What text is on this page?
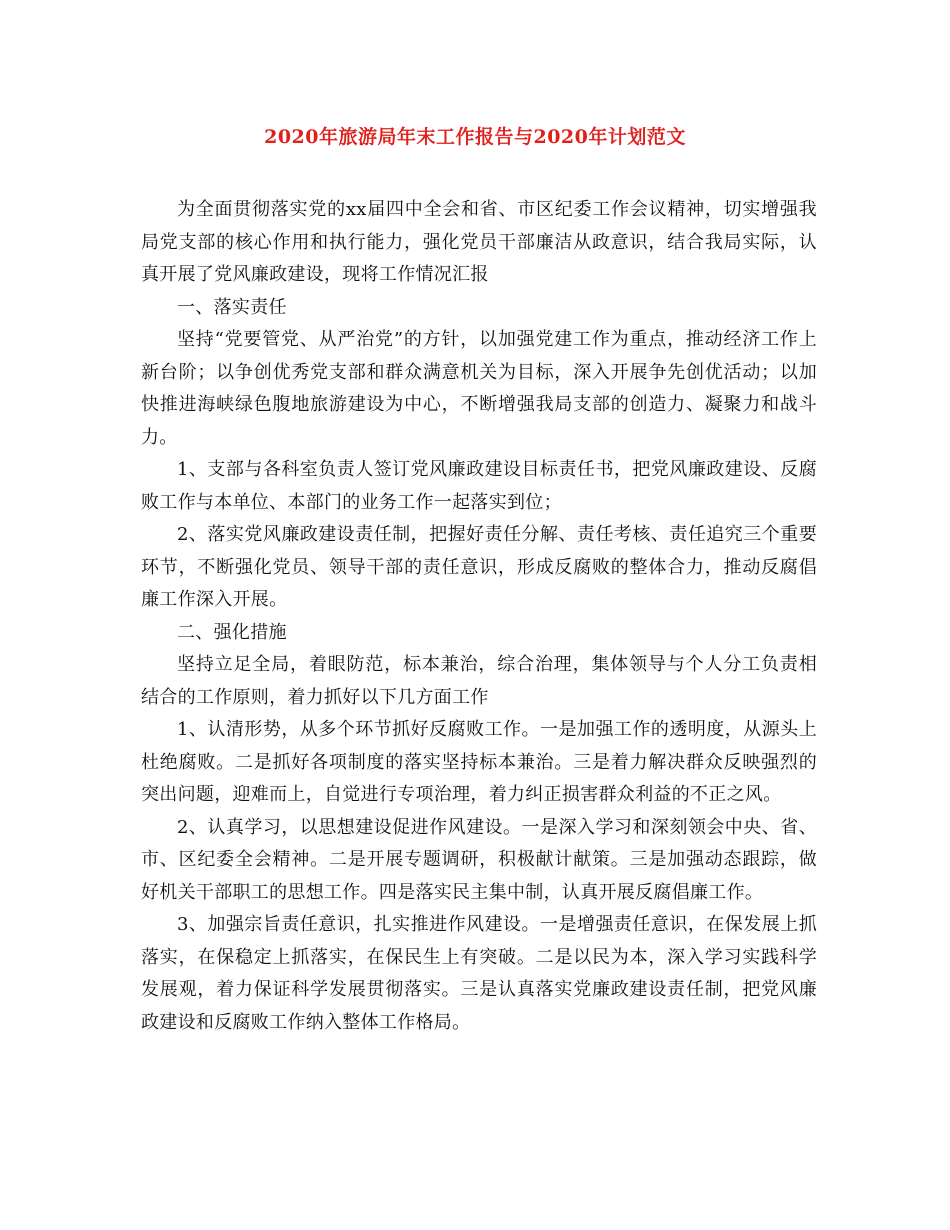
2020年旅游局年末工作报告与2020年计划范文

为全面贯彻落实党的xx届四中全会和省、市区纪委工作会议精神，切实增强我局党支部的核心作用和执行能力，强化党员干部廉洁从政意识，结合我局实际，认真开展了党风廉政建设，现将工作情况汇报

一、落实责任

坚持“党要管党、从严治党”的方针，以加强党建工作为重点，推动经济工作上新台阶；以争创优秀党支部和群众满意机关为目标，深入开展争先创优活动；以加快推进海峡绿色腹地旅游建设为中心，不断增强我局支部的创造力、凝聚力和战斗力。

1、支部与各科室负责人签订党风廉政建设目标责任书，把党风廉政建设、反腐败工作与本单位、本部门的业务工作一起落实到位；

2、落实党风廉政建设责任制，把握好责任分解、责任考核、责任追究三个重要环节，不断强化党员、领导干部的责任意识，形成反腐败的整体合力，推动反腐倡廉工作深入开展。

二、强化措施

坚持立足全局，着眼防范，标本兼治，综合治理，集体领导与个人分工负责相结合的工作原则，着力抓好以下几方面工作

1、认清形势，从多个环节抓好反腐败工作。一是加强工作的透明度，从源头上杜绝腐败。二是抓好各项制度的落实坚持标本兼治。三是着力解决群众反映强烈的突出问题，迎难而上，自觉进行专项治理，着力纠正损害群众利益的不正之风。

2、认真学习，以思想建设促进作风建设。一是深入学习和深刻领会中央、省、市、区纪委全会精神。二是开展专题调研，积极献计献策。三是加强动态跟踪，做好机关干部职工的思想工作。四是落实民主集中制，认真开展反腐倡廉工作。

3、加强宗旨责任意识，扎实推进作风建设。一是增强责任意识，在保发展上抓落实，在保稳定上抓落实，在保民生上有突破。二是以民为本，深入学习实践科学发展观，着力保证科学发展贯彻落实。三是认真落实党廉政建设责任制，把党风廉政建设和反腐败工作纳入整体工作格局。
